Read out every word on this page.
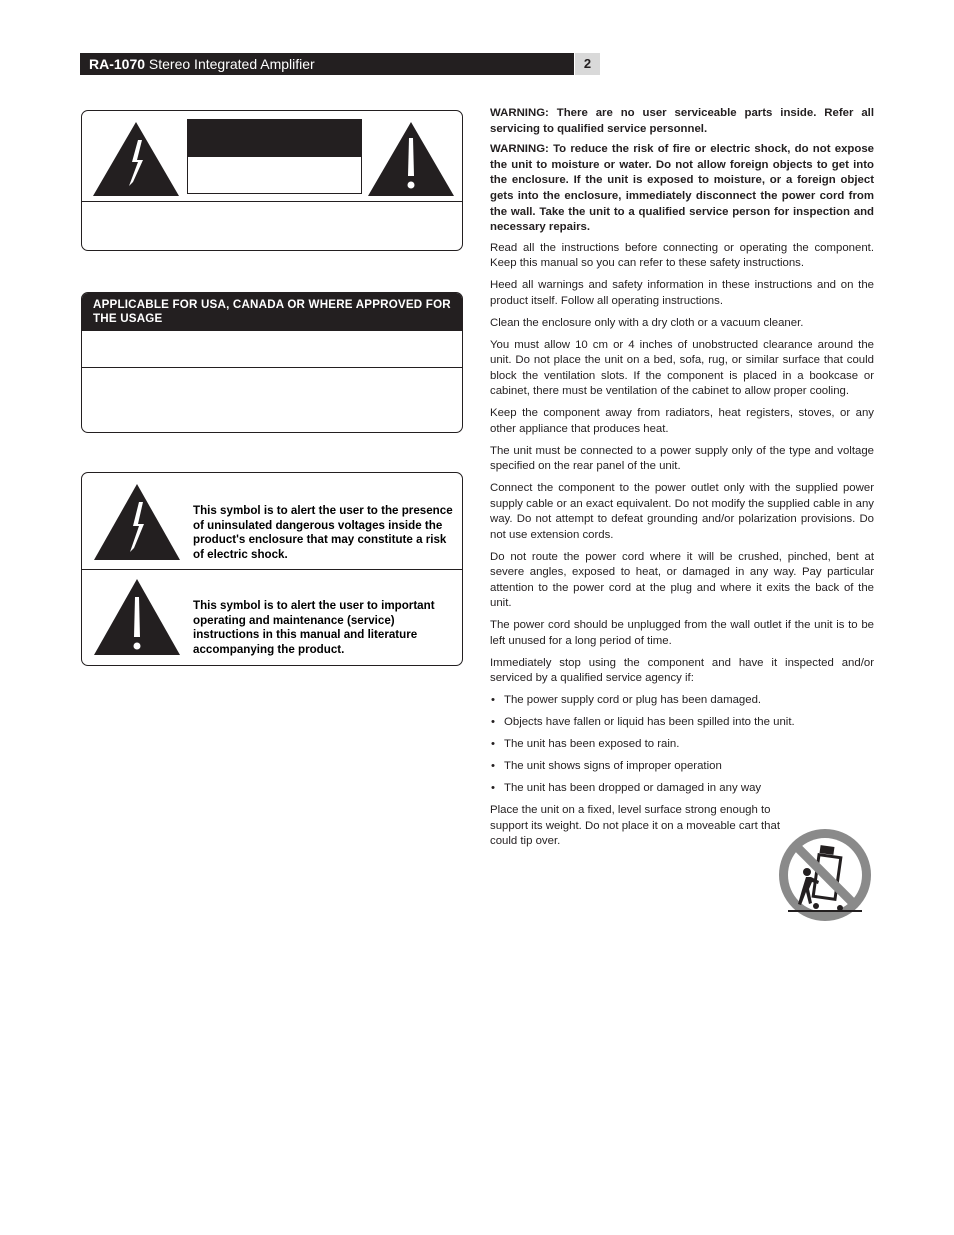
RA-1070 Stereo Integrated Amplifier	2
APPLICABLE FOR USA, CANADA OR WHERE APPROVED FOR THE USAGE
This symbol is to alert the user to the presence of uninsulated dangerous voltages inside the product's enclosure that may constitute a risk of electric shock.
This symbol is to alert the user to important operating and maintenance (service) instructions in this manual and literature accompanying the product.

WARNING: There are no user serviceable parts inside. Refer all servicing to qualified service personnel.

WARNING: To reduce the risk of fire or electric shock, do not expose the unit to moisture or water. Do not allow foreign objects to get into the enclosure. If the unit is exposed to moisture, or a foreign object gets into the enclosure, immediately disconnect the power cord from the wall. Take the unit to a qualified service person for inspection and necessary repairs.

Read all the instructions before connecting or operating the component. Keep this manual so you can refer to these safety instructions.

Heed all warnings and safety information in these instructions and on the product itself. Follow all operating instructions.

Clean the enclosure only with a dry cloth or a vacuum cleaner.

You must allow 10 cm or 4 inches of unobstructed clearance around the unit. Do not place the unit on a bed, sofa, rug, or similar surface that could block the ventilation slots. If the component is placed in a bookcase or cabinet, there must be ventilation of the cabinet to allow proper cooling.

Keep the component away from radiators, heat registers, stoves, or any other appliance that produces heat.

The unit must be connected to a power supply only of the type and voltage specified on the rear panel of the unit.

Connect the component to the power outlet only with the supplied power supply cable or an exact equivalent. Do not modify the supplied cable in any way. Do not attempt to defeat grounding and/or polarization provisions. Do not use extension cords.

Do not route the power cord where it will be crushed, pinched, bent at severe angles, exposed to heat, or damaged in any way. Pay particular attention to the power cord at the plug and where it exits the back of the unit.

The power cord should be unplugged from the wall outlet if the unit is to be left unused for a long period of time.

Immediately stop using the component and have it inspected and/or serviced by a qualified service agency if:

• The power supply cord or plug has been damaged.
• Objects have fallen or liquid has been spilled into the unit.
• The unit has been exposed to rain.
• The unit shows signs of improper operation
• The unit has been dropped or damaged in any way

Place the unit on a fixed, level surface strong enough to support its weight. Do not place it on a moveable cart that could tip over.
